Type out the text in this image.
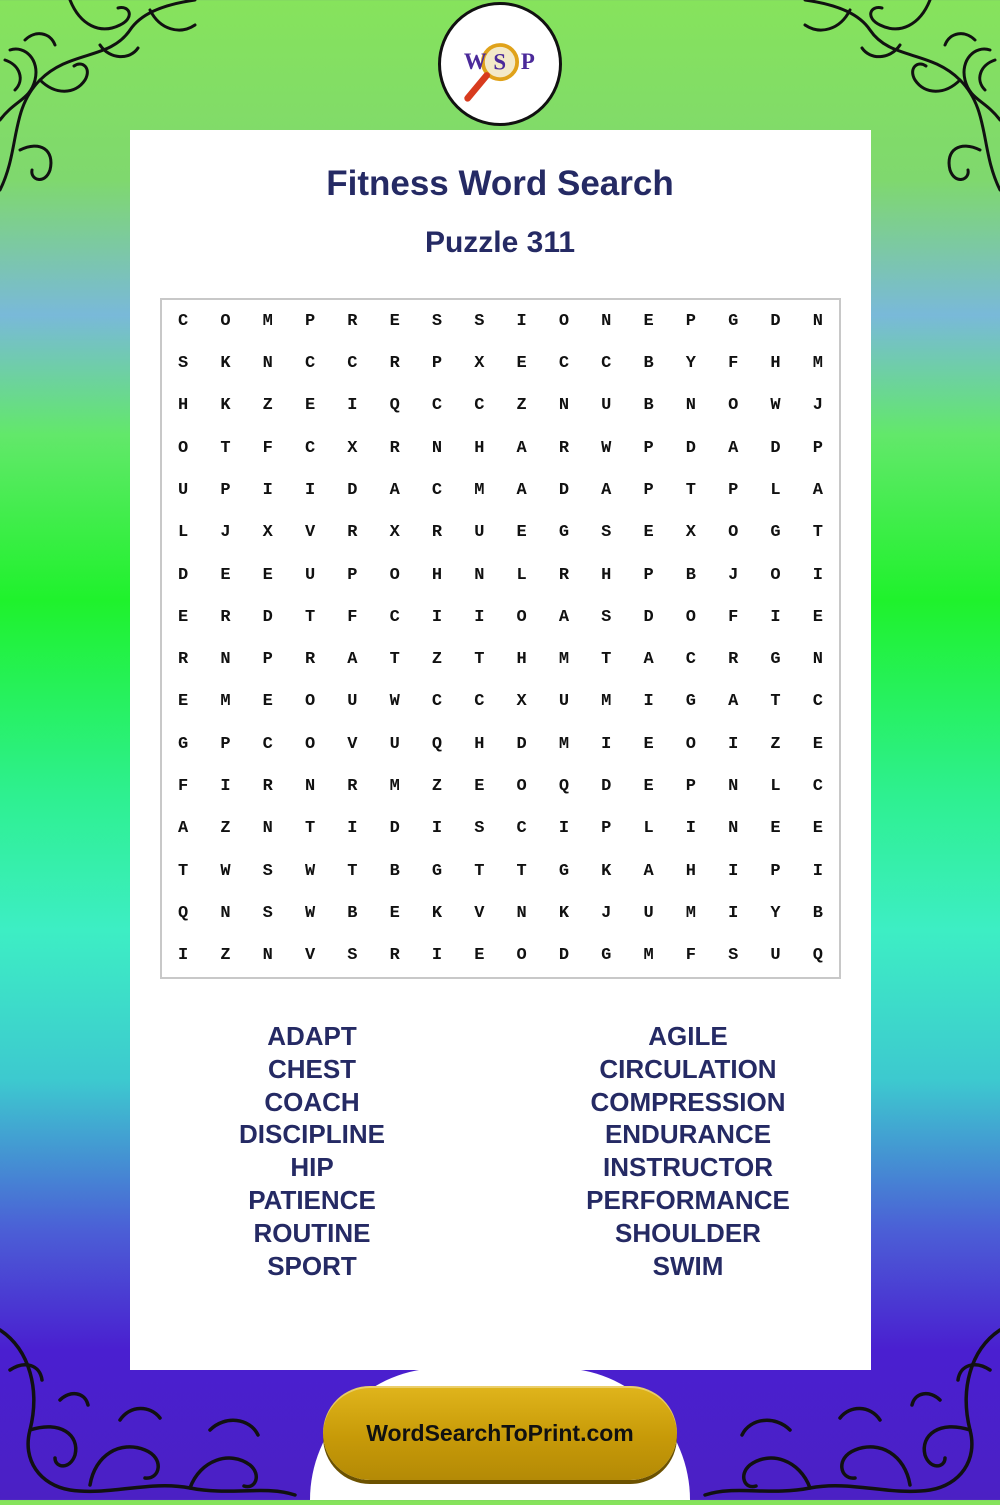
W S P
Fitness Word Search
Puzzle 311
C	O	M	P	R	E	S	S	I	O	N	E	P	G	D	N
S	K	N	C	C	R	P	X	E	C	C	B	Y	F	H	M
H	K	Z	E	I	Q	C	C	Z	N	U	B	N	O	W	J
O	T	F	C	X	R	N	H	A	R	W	P	D	A	D	P
U	P	I	I	D	A	C	M	A	D	A	P	T	P	L	A
L	J	X	V	R	X	R	U	E	G	S	E	X	O	G	T
D	E	E	U	P	O	H	N	L	R	H	P	B	J	O	I
E	R	D	T	F	C	I	I	O	A	S	D	O	F	I	E
R	N	P	R	A	T	Z	T	H	M	T	A	C	R	G	N
E	M	E	O	U	W	C	C	X	U	M	I	G	A	T	C
G	P	C	O	V	U	Q	H	D	M	I	E	O	I	Z	E
F	I	R	N	R	M	Z	E	O	Q	D	E	P	N	L	C
A	Z	N	T	I	D	I	S	C	I	P	L	I	N	E	E
T	W	S	W	T	B	G	T	T	G	K	A	H	I	P	I
Q	N	S	W	B	E	K	V	N	K	J	U	M	I	Y	B
I	Z	N	V	S	R	I	E	O	D	G	M	F	S	U	Q
ADAPT
CHEST
COACH
DISCIPLINE
HIP
PATIENCE
ROUTINE
SPORT
AGILE
CIRCULATION
COMPRESSION
ENDURANCE
INSTRUCTOR
PERFORMANCE
SHOULDER
SWIM
WordSearchToPrint.com
